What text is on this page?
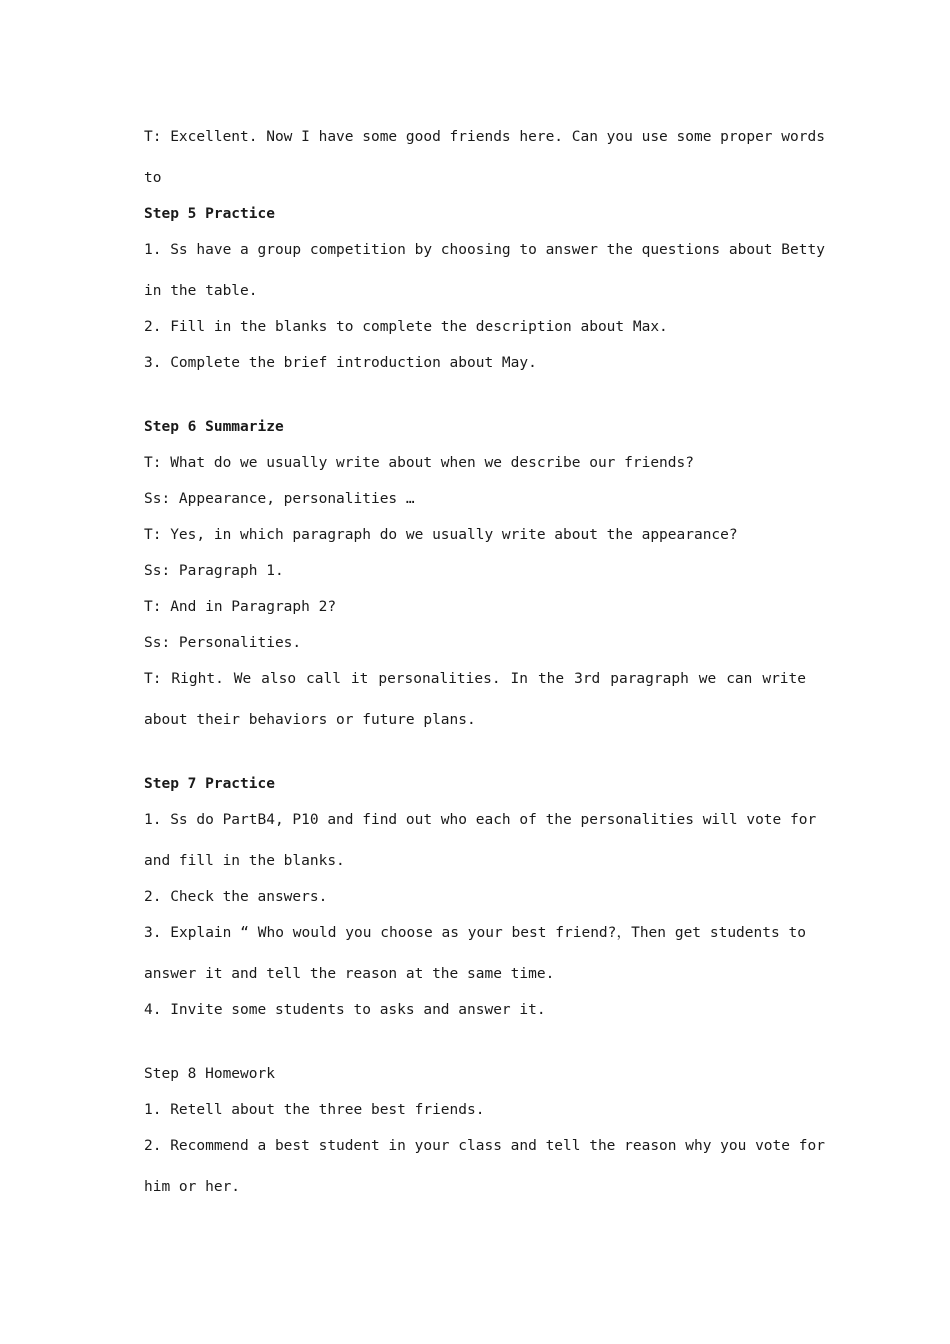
T: Excellent. Now I have some good friends here. Can you use some proper words
to
Step 5 Practice
1. Ss have a group competition by choosing to answer the questions about Betty
in the table.
2. Fill in the blanks to complete the description about Max.
3. Complete the brief introduction about May.
Step 6 Summarize
T: What do we usually write about when we describe our friends?
Ss: Appearance, personalities …
T: Yes, in which paragraph do we usually write about the appearance?
Ss: Paragraph 1.
T: And in Paragraph 2?
Ss: Personalities.
T: Right. We also call it personalities. In the 3rd paragraph we can write
about their behaviors or future plans.
Step 7 Practice
1. Ss do PartB4, P10 and find out who each of the personalities will vote for
and fill in the blanks.
2. Check the answers.
3. Explain “ Who would you choose as your best friend?，Then get students to
answer it and tell the reason at the same time.
4. Invite some students to asks and answer it.
Step 8 Homework
1. Retell about the three best friends.
2. Recommend a best student in your class and tell the reason why you vote for
him or her.
